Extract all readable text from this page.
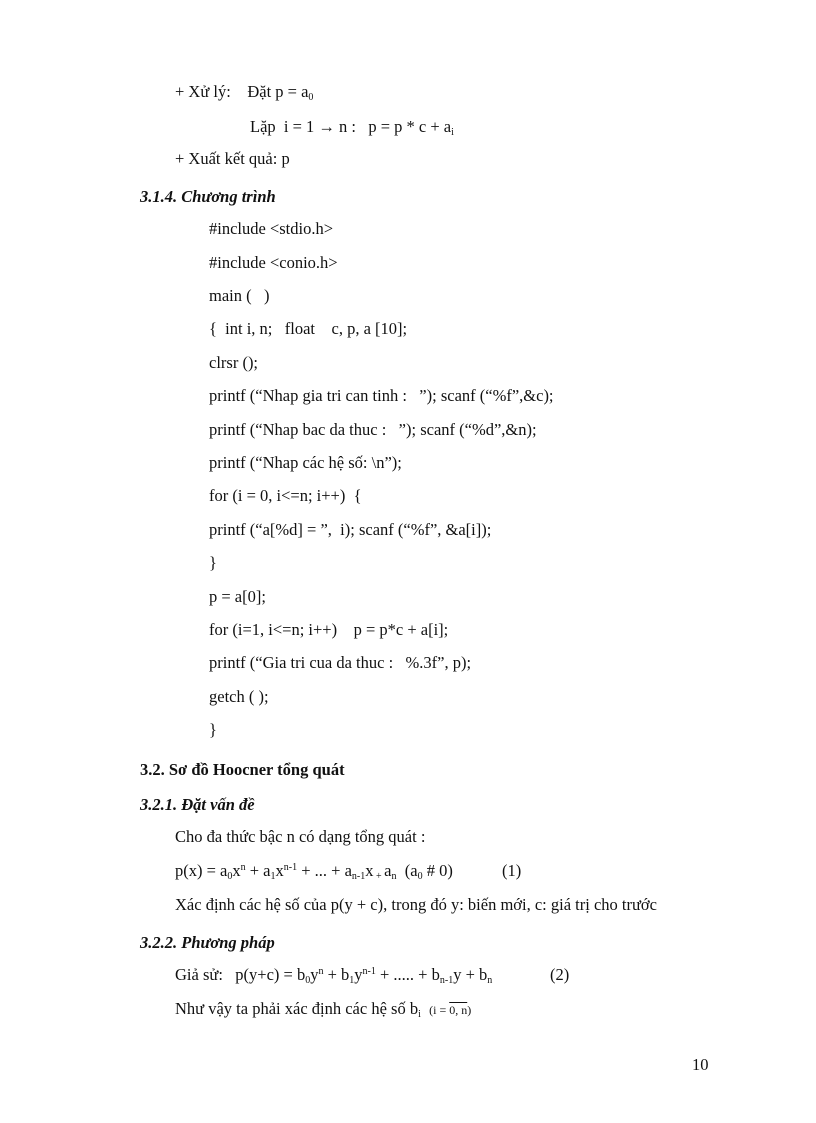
+ Xử lý: Đặt $p = a_0$
Lặp  i = 1 → n :   $p = p * c + a_i$
+ Xuất kết quả: p
3.1.4. Chương trình
#include <stdio.h>
#include <conio.h>
main (   )
{  int i, n;   float    c, p, a [10];
clrsr ();
printf (“Nhap gia tri can tinh :   ”); scanf (“%f”,&c);
printf (“Nhap bac da thuc :   ”); scanf (“%d”,&n);
printf (“Nhap các hệ số: \n”);
for (i = 0, i<=n; i++)  {
printf (“a[%d] = ”,  i); scanf (“%f”, &a[i]);
}
p = a[0];
for (i=1, i<=n; i++)    p = p*c + a[i];
printf (“Gia tri cua da thuc :   %.3f”, p);
getch ( );
}
3.2. Sơ đồ Hoocner tổng quát
3.2.1. Đặt vấn đề
Cho đa thức bậc n có dạng tổng quát :
$p(x) = a_0x^n + a_1x^{n-1}$ + ... + $a_{n-1}x$ $_+$ $a_n$  ($a_0$ # 0)	(1)
Xác định các hệ số của p(y + c), trong đó y: biến mới, c: giá trị cho trước
3.2.2. Phương pháp
Giả sử:   $p(y+c) = b_0y^n + b_1y^{n-1}$ + ..... + $b_{n-1}y + b_n$	(2)
Như vậy ta phải xác định các hệ số $b_i$ (i = 0, n)
10
